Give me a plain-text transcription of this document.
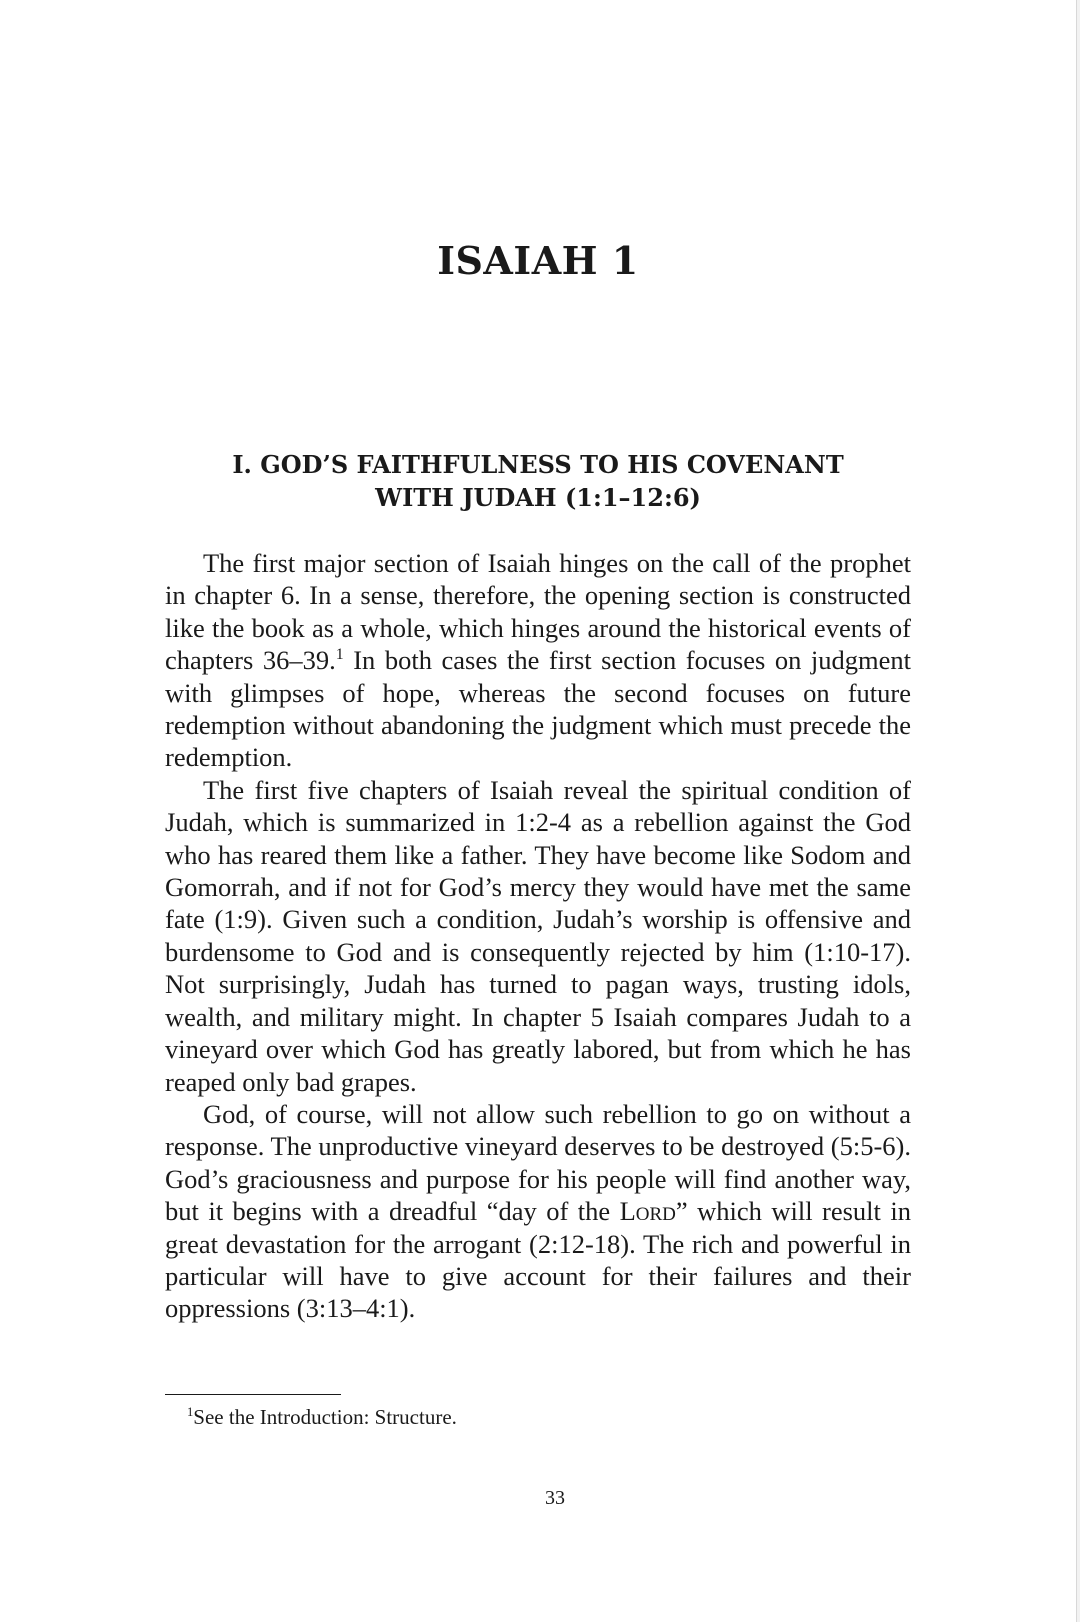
ISAIAH 1
I. GOD’S FAITHFULNESS TO HIS COVENANT
WITH JUDAH (1:1–12:6)

The first major section of Isaiah hinges on the call of the prophet in chapter 6. In a sense, therefore, the opening section is constructed like the book as a whole, which hinges around the historical events of chapters 36–39.$^1$ In both cases the first section focuses on judgment with glimpses of hope, whereas the second focuses on future redemption without abandoning the judgment which must precede the redemption.

The first five chapters of Isaiah reveal the spiritual condition of Judah, which is summarized in 1:2-4 as a rebellion against the God who has reared them like a father. They have become like Sodom and Gomorrah, and if not for God’s mercy they would have met the same fate (1:9). Given such a condition, Judah’s worship is offensive and burdensome to God and is consequently rejected by him (1:10-17). Not surprisingly, Judah has turned to pagan ways, trusting idols, wealth, and military might. In chapter 5 Isaiah compares Judah to a vineyard over which God has greatly labored, but from which he has reaped only bad grapes.

God, of course, will not allow such rebellion to go on without a response. The unproductive vineyard deserves to be destroyed (5:5-6). God’s graciousness and purpose for his people will find another way, but it begins with a dreadful “day of the Lord” which will result in great devastation for the arrogant (2:12-18). The rich and powerful in particular will have to give account for their failures and their oppressions (3:13–4:1).

$^1$See the Introduction: Structure.
33
